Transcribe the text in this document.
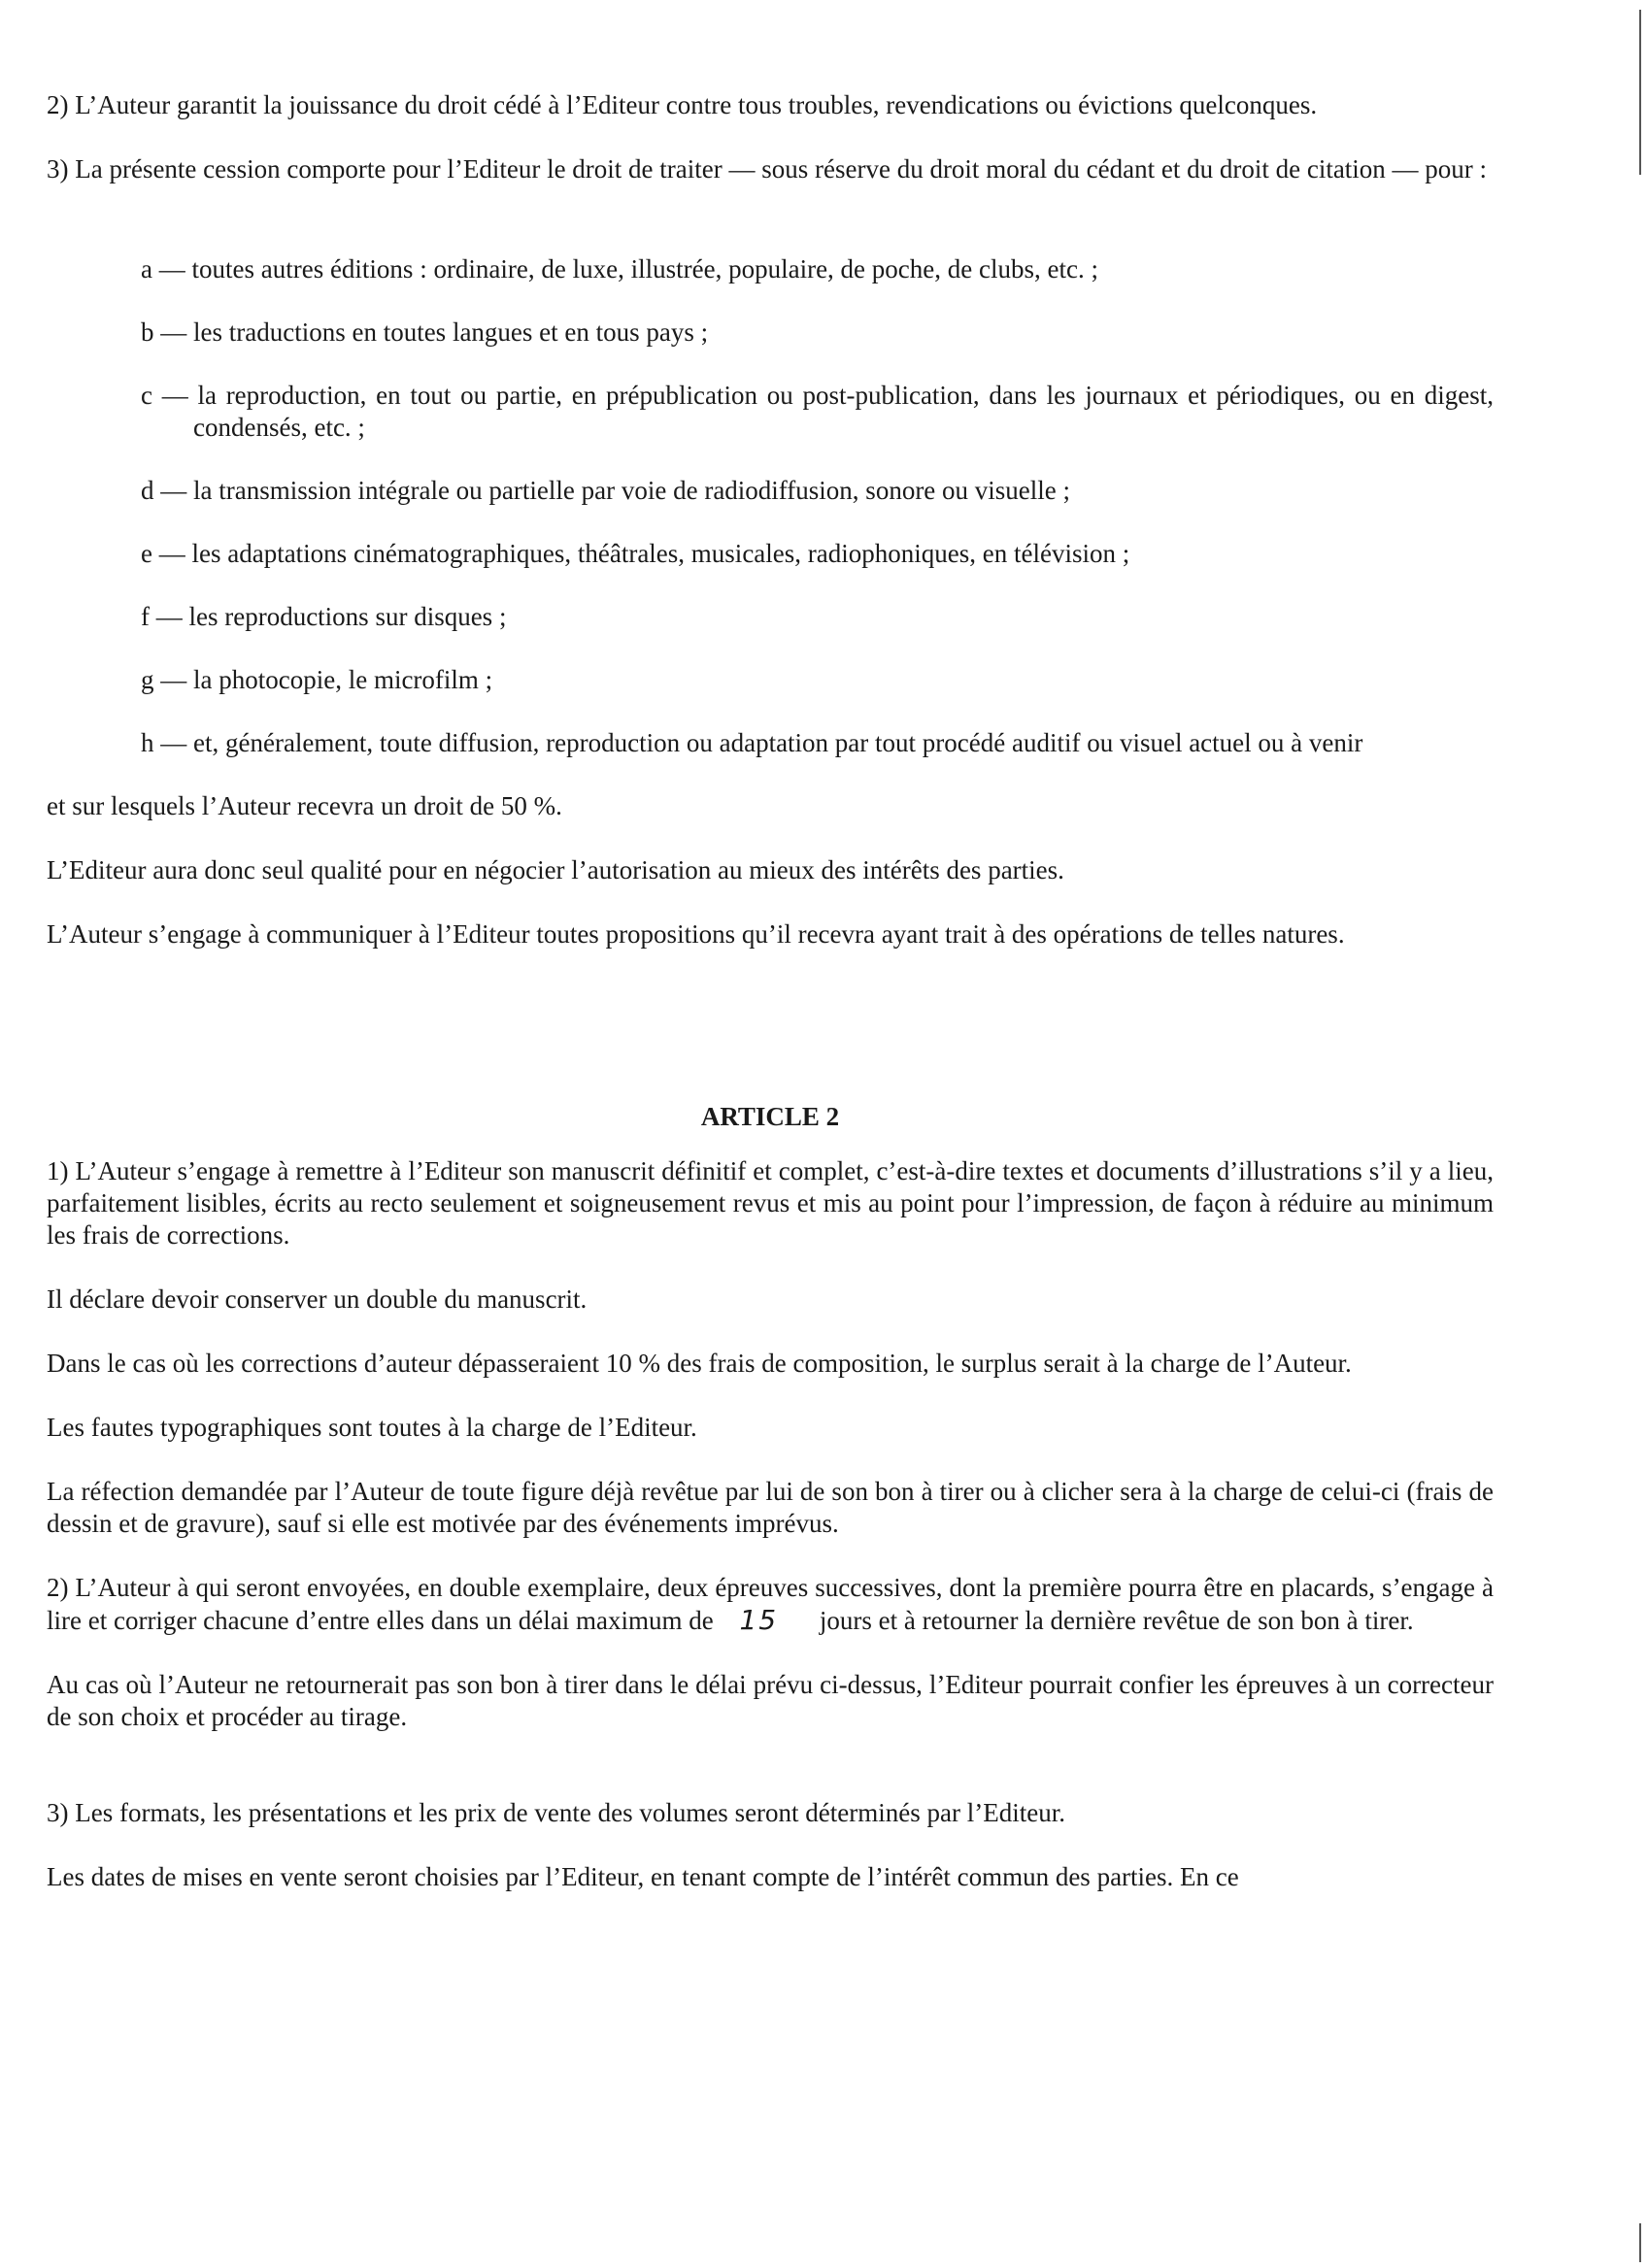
2) L’Auteur garantit la jouissance du droit cédé à l’Editeur contre tous troubles, revendications ou évictions quelconques.

3) La présente cession comporte pour l’Editeur le droit de traiter — sous réserve du droit moral du cédant et du droit de citation — pour :

a — toutes autres éditions : ordinaire, de luxe, illustrée, populaire, de poche, de clubs, etc. ;

b — les traductions en toutes langues et en tous pays ;

c — la reproduction, en tout ou partie, en prépublication ou post-publication, dans les journaux et périodiques, ou en digest, condensés, etc. ;

d — la transmission intégrale ou partielle par voie de radiodiffusion, sonore ou visuelle ;

e — les adaptations cinématographiques, théâtrales, musicales, radiophoniques, en télévision ;

f — les reproductions sur disques ;

g — la photocopie, le microfilm ;

h — et, généralement, toute diffusion, reproduction ou adaptation par tout procédé auditif ou visuel actuel ou à venir

et sur lesquels l’Auteur recevra un droit de 50 %.

L’Editeur aura donc seul qualité pour en négocier l’autorisation au mieux des intérêts des parties.

L’Auteur s’engage à communiquer à l’Editeur toutes propositions qu’il recevra ayant trait à des opérations de telles natures.

ARTICLE 2

1) L’Auteur s’engage à remettre à l’Editeur son manuscrit définitif et complet, c’est-à-dire textes et documents d’illustrations s’il y a lieu, parfaitement lisibles, écrits au recto seulement et soigneusement revus et mis au point pour l’impression, de façon à réduire au minimum les frais de corrections.

Il déclare devoir conserver un double du manuscrit.

Dans le cas où les corrections d’auteur dépasseraient 10 % des frais de composition, le surplus serait à la charge de l’Auteur.

Les fautes typographiques sont toutes à la charge de l’Editeur.

La réfection demandée par l’Auteur de toute figure déjà revêtue par lui de son bon à tirer ou à clicher sera à la charge de celui-ci (frais de dessin et de gravure), sauf si elle est motivée par des événements imprévus.

2) L’Auteur à qui seront envoyées, en double exemplaire, deux épreuves successives, dont la première pourra être en placards, s’engage à lire et corriger chacune d’entre elles dans un délai maximum de 15 jours et à retourner la dernière revêtue de son bon à tirer.

Au cas où l’Auteur ne retournerait pas son bon à tirer dans le délai prévu ci-dessus, l’Editeur pourrait confier les épreuves à un correcteur de son choix et procéder au tirage.

3) Les formats, les présentations et les prix de vente des volumes seront déterminés par l’Editeur.

Les dates de mises en vente seront choisies par l’Editeur, en tenant compte de l’intérêt commun des parties. En ce
